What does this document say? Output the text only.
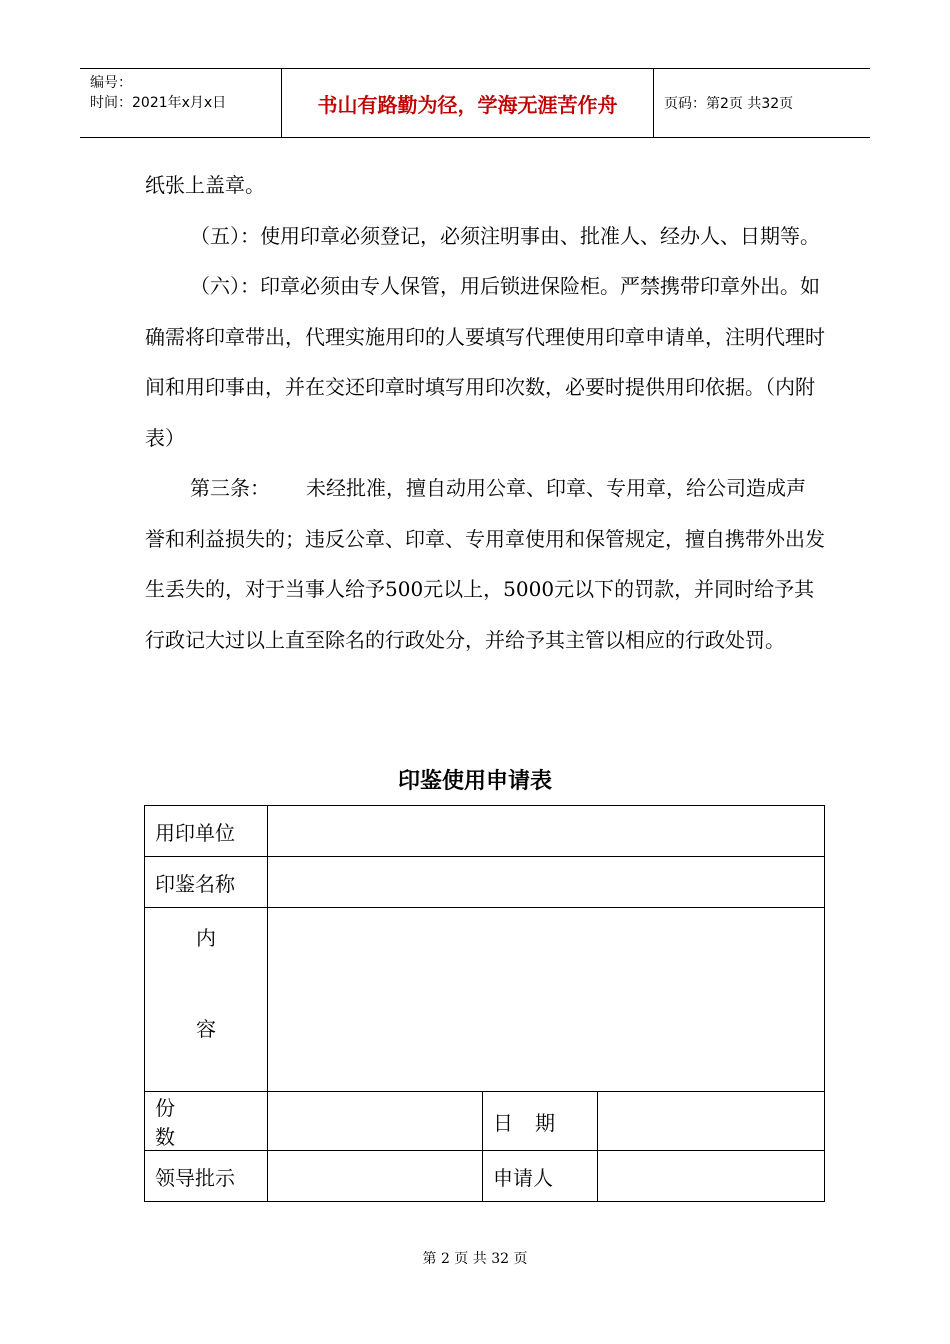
编号：
时间：2021年x月x日	书山有路勤为径，学海无涯苦作舟	页码：第2页 共32页

纸张上盖章。

（五）：使用印章必须登记，必须注明事由、批准人、经办人、日期等。

（六）：印章必须由专人保管，用后锁进保险柜。严禁携带印章外出。如确需将印章带出，代理实施用印的人要填写代理使用印章申请单，注明代理时间和用印事由，并在交还印章时填写用印次数，必要时提供用印依据。（内附表）

第三条： 未经批准，擅自动用公章、印章、专用章，给公司造成声誉和利益损失的；违反公章、印章、专用章使用和保管规定，擅自携带外出发生丢失的，对于当事人给予500元以上，5000元以下的罚款，并同时给予其行政记大过以上直至除名的行政处分，并给予其主管以相应的行政处罚。

印鉴使用申请表
用印单位			
印鉴名称			

内
容			

份数		日期	
领导批示		申请人	
第 2 页 共 32 页
